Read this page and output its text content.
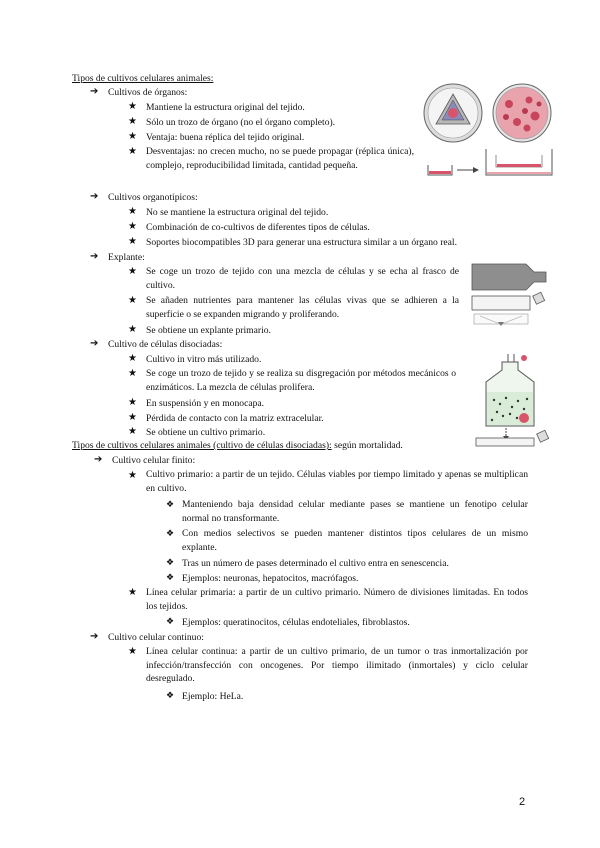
Tipos de cultivos celulares animales:
➔ Cultivos de órganos:
★ Mantiene la estructura original del tejido.
★ Sólo un trozo de órgano (no el órgano completo).
★ Ventaja: buena réplica del tejido original.
★ Desventajas: no crecen mucho, no se puede propagar (réplica única), complejo, reproducibilidad limitada, cantidad pequeña.
➔ Cultivos organotípicos:
★ No se mantiene la estructura original del tejido.
★ Combinación de co-cultivos de diferentes tipos de células.
★ Soportes biocompatibles 3D para generar una estructura similar a un órgano real.
➔ Explante:
★ Se coge un trozo de tejido con una mezcla de células y se echa al frasco de cultivo.
★ Se añaden nutrientes para mantener las células vivas que se adhieren a la superficie o se expanden migrando y proliferando.
★ Se obtiene un explante primario.
➔ Cultivo de células disociadas:
★ Cultivo in vitro más utilizado.
★ Se coge un trozo de tejido y se realiza su disgregación por métodos mecánicos o enzimáticos. La mezcla de células prolifera.
★ En suspensión y en monocapa.
★ Pérdida de contacto con la matriz extracelular.
★ Se obtiene un cultivo primario.
Tipos de cultivos celulares animales (cultivo de células disociadas): según mortalidad.
➔ Cultivo celular finito:
★ Cultivo primario: a partir de un tejido. Células viables por tiempo limitado y apenas se multiplican en cultivo.
❖ Manteniendo baja densidad celular mediante pases se mantiene un fenotipo celular normal no transformante.
❖ Con medios selectivos se pueden mantener distintos tipos celulares de un mismo explante.
❖ Tras un número de pases determinado el cultivo entra en senescencia.
❖ Ejemplos: neuronas, hepatocitos, macrófagos.
★ Línea celular primaria: a partir de un cultivo primario. Número de divisiones limitadas. En todos los tejidos.
❖ Ejemplos: queratinocitos, células endoteliales, fibroblastos.
➔ Cultivo celular continuo:
★ Línea celular continua: a partir de un cultivo primario, de un tumor o tras inmortalización por infección/transfección con oncogenes. Por tiempo ilimitado (inmortales) y ciclo celular desregulado.
❖ Ejemplo: HeLa.
2
